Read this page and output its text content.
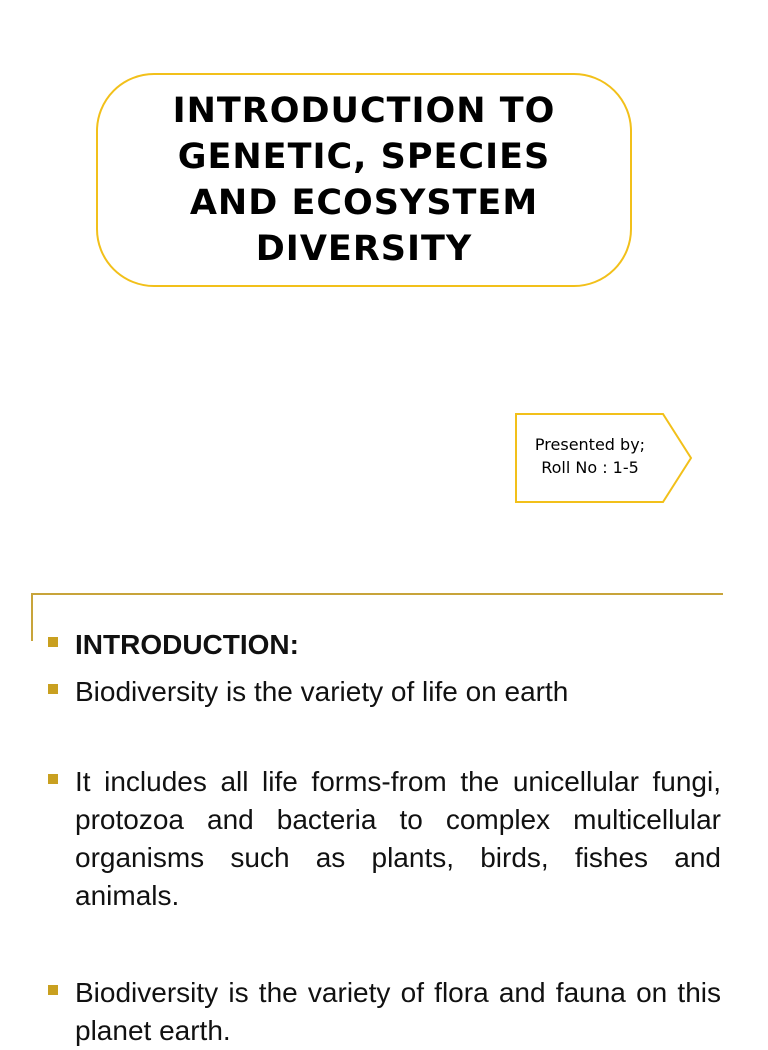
INTRODUCTION TO GENETIC, SPECIES AND ECOSYSTEM DIVERSITY
Presented by;
Roll No : 1-5
INTRODUCTION:
Biodiversity is the variety of life on earth
It includes all life forms-from the unicellular fungi, protozoa and bacteria to complex multicellular organisms such as plants, birds, fishes and animals.
Biodiversity is the variety of flora and fauna on this planet earth.
